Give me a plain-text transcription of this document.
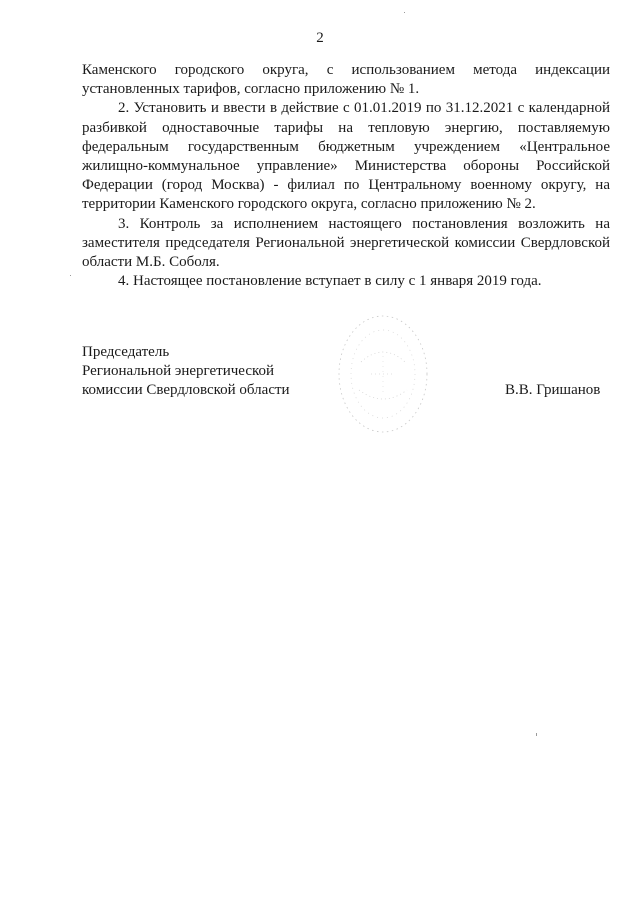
2

Каменского городского округа, с использованием метода индексации установленных тарифов, согласно приложению № 1.

2. Установить и ввести в действие с 01.01.2019 по 31.12.2021 с календарной разбивкой одноставочные тарифы на тепловую энергию, поставляемую федеральным государственным бюджетным учреждением «Центральное жилищно-коммунальное управление» Министерства обороны Российской Федерации (город Москва) - филиал по Центральному военному округу, на территории Каменского городского округа, согласно приложению № 2.

3. Контроль за исполнением настоящего постановления возложить на заместителя председателя Региональной энергетической комиссии Свердловской области М.Б. Соболя.

4. Настоящее постановление вступает в силу с 1 января 2019 года.

Председатель
Региональной энергетической
комиссии Свердловской области	В.В. Гришанов
